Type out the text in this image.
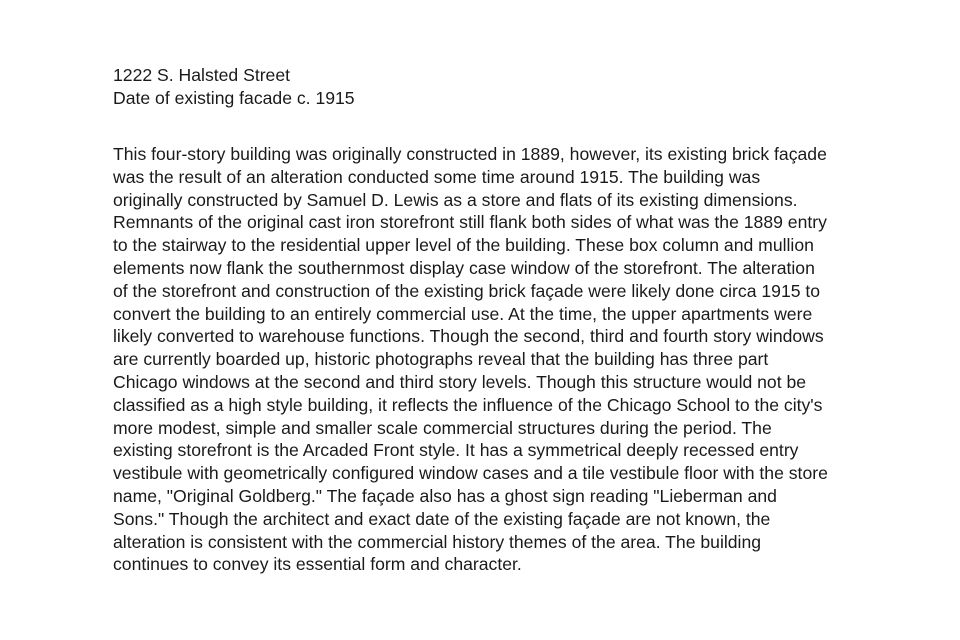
1222 S. Halsted Street
Date of existing facade c. 1915
This four-story building was originally constructed in 1889, however, its existing brick façade
was the result of an alteration conducted some time around 1915. The building was
originally constructed by Samuel D. Lewis as a store and flats of its existing dimensions.
Remnants of the original cast iron storefront still flank both sides of what was the 1889 entry
to the stairway to the residential upper level of the building. These box column and mullion
elements now flank the southernmost display case window of the storefront. The alteration
of the storefront and construction of the existing brick façade were likely done circa 1915 to
convert the building to an entirely commercial use. At the time, the upper apartments were
likely converted to warehouse functions. Though the second, third and fourth story windows
are currently boarded up, historic photographs reveal that the building has three part
Chicago windows at the second and third story levels. Though this structure would not be
classified as a high style building, it reflects the influence of the Chicago School to the city's
more modest, simple and smaller scale commercial structures during the period. The
existing storefront is the Arcaded Front style. It has a symmetrical deeply recessed entry
vestibule with geometrically configured window cases and a tile vestibule floor with the store
name, "Original Goldberg." The façade also has a ghost sign reading "Lieberman and
Sons." Though the architect and exact date of the existing façade are not known, the
alteration is consistent with the commercial history themes of the area. The building
continues to convey its essential form and character.
